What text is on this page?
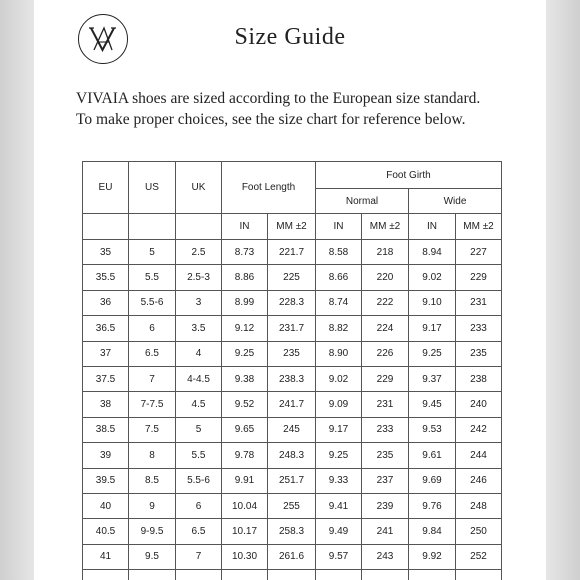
Size Guide
VIVAIA shoes are sized according to the European size standard.
To make proper choices, see the size chart for reference below.
EU	US	UK	Foot Length		Foot Girth			
					Normal		Wide	
			IN	MM ±2	IN	MM ±2	IN	MM ±2
35	5	2.5	8.73	221.7	8.58	218	8.94	227
35.5	5.5	2.5-3	8.86	225	8.66	220	9.02	229
36	5.5-6	3	8.99	228.3	8.74	222	9.10	231
36.5	6	3.5	9.12	231.7	8.82	224	9.17	233
37	6.5	4	9.25	235	8.90	226	9.25	235
37.5	7	4-4.5	9.38	238.3	9.02	229	9.37	238
38	7-7.5	4.5	9.52	241.7	9.09	231	9.45	240
38.5	7.5	5	9.65	245	9.17	233	9.53	242
39	8	5.5	9.78	248.3	9.25	235	9.61	244
39.5	8.5	5.5-6	9.91	251.7	9.33	237	9.69	246
40	9	6	10.04	255	9.41	239	9.76	248
40.5	9-9.5	6.5	10.17	258.3	9.49	241	9.84	250
41	9.5	7	10.30	261.6	9.57	243	9.92	252
